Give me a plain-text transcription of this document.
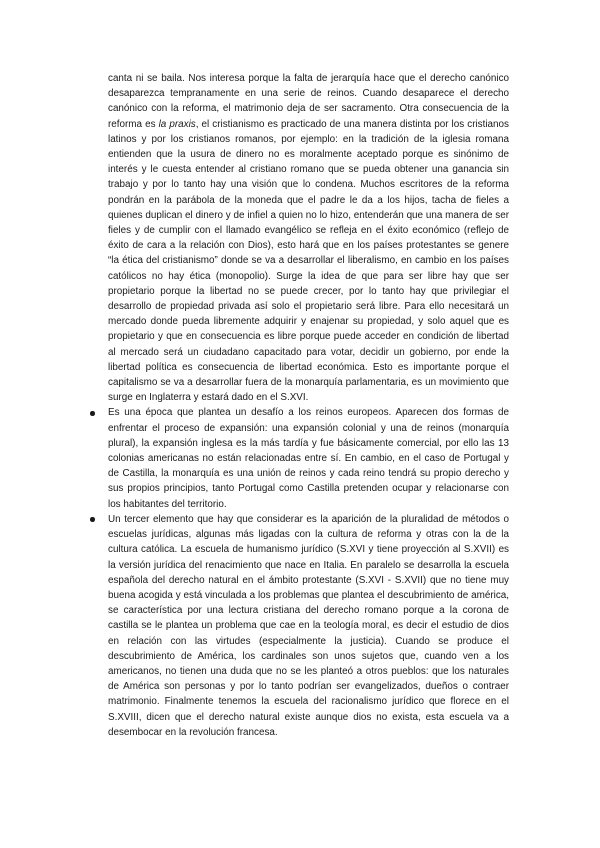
canta ni se baila. Nos interesa porque la falta de jerarquía hace que el derecho canónico desaparezca tempranamente en una serie de reinos. Cuando desaparece el derecho canónico con la reforma, el matrimonio deja de ser sacramento. Otra consecuencia de la reforma es la praxis, el cristianismo es practicado de una manera distinta por los cristianos latinos y por los cristianos romanos, por ejemplo: en la tradición de la iglesia romana entienden que la usura de dinero no es moralmente aceptado porque es sinónimo de interés y le cuesta entender al cristiano romano que se pueda obtener una ganancia sin trabajo y por lo tanto hay una visión que lo condena. Muchos escritores de la reforma pondrán en la parábola de la moneda que el padre le da a los hijos, tacha de fieles a quienes duplican el dinero y de infiel a quien no lo hizo, entenderán que una manera de ser fieles y de cumplir con el llamado evangélico se refleja en el éxito económico (reflejo de éxito de cara a la relación con Dios), esto hará que en los países protestantes se genere “la ética del cristianismo” donde se va a desarrollar el liberalismo, en cambio en los países católicos no hay ética (monopolio). Surge la idea de que para ser libre hay que ser propietario porque la libertad no se puede crecer, por lo tanto hay que privilegiar el desarrollo de propiedad privada así solo el propietario será libre. Para ello necesitará un mercado donde pueda libremente adquirir y enajenar su propiedad, y solo aquel que es propietario y que en consecuencia es libre porque puede acceder en condición de libertad al mercado será un ciudadano capacitado para votar, decidir un gobierno, por ende la libertad política es consecuencia de libertad económica. Esto es importante porque el capitalismo se va a desarrollar fuera de la monarquía parlamentaria, es un movimiento que surge en Inglaterra y estará dado en el S.XVI.

Es una época que plantea un desafío a los reinos europeos. Aparecen dos formas de enfrentar el proceso de expansión: una expansión colonial y una de reinos (monarquía plural), la expansión inglesa es la más tardía y fue básicamente comercial, por ello las 13 colonias americanas no están relacionadas entre sí. En cambio, en el caso de Portugal y de Castilla, la monarquía es una unión de reinos y cada reino tendrá su propio derecho y sus propios principios, tanto Portugal como Castilla pretenden ocupar y relacionarse con los habitantes del territorio.
Un tercer elemento que hay que considerar es la aparición de la pluralidad de métodos o escuelas jurídicas, algunas más ligadas con la cultura de reforma y otras con la de la cultura católica. La escuela de humanismo jurídico (S.XVI y tiene proyección al S.XVII) es la versión jurídica del renacimiento que nace en Italia. En paralelo se desarrolla la escuela española del derecho natural en el ámbito protestante (S.XVI - S.XVII) que no tiene muy buena acogida y está vinculada a los problemas que plantea el descubrimiento de américa, se característica por una lectura cristiana del derecho romano porque a la corona de castilla se le plantea un problema que cae en la teología moral, es decir el estudio de dios en relación con las virtudes (especialmente la justicia). Cuando se produce el descubrimiento de América, los cardinales son unos sujetos que, cuando ven a los americanos, no tienen una duda que no se les planteó a otros pueblos: que los naturales de América son personas y por lo tanto podrían ser evangelizados, dueños o contraer matrimonio. Finalmente tenemos la escuela del racionalismo jurídico que florece en el S.XVIII, dicen que el derecho natural existe aunque dios no exista, esta escuela va a desembocar en la revolución francesa.
